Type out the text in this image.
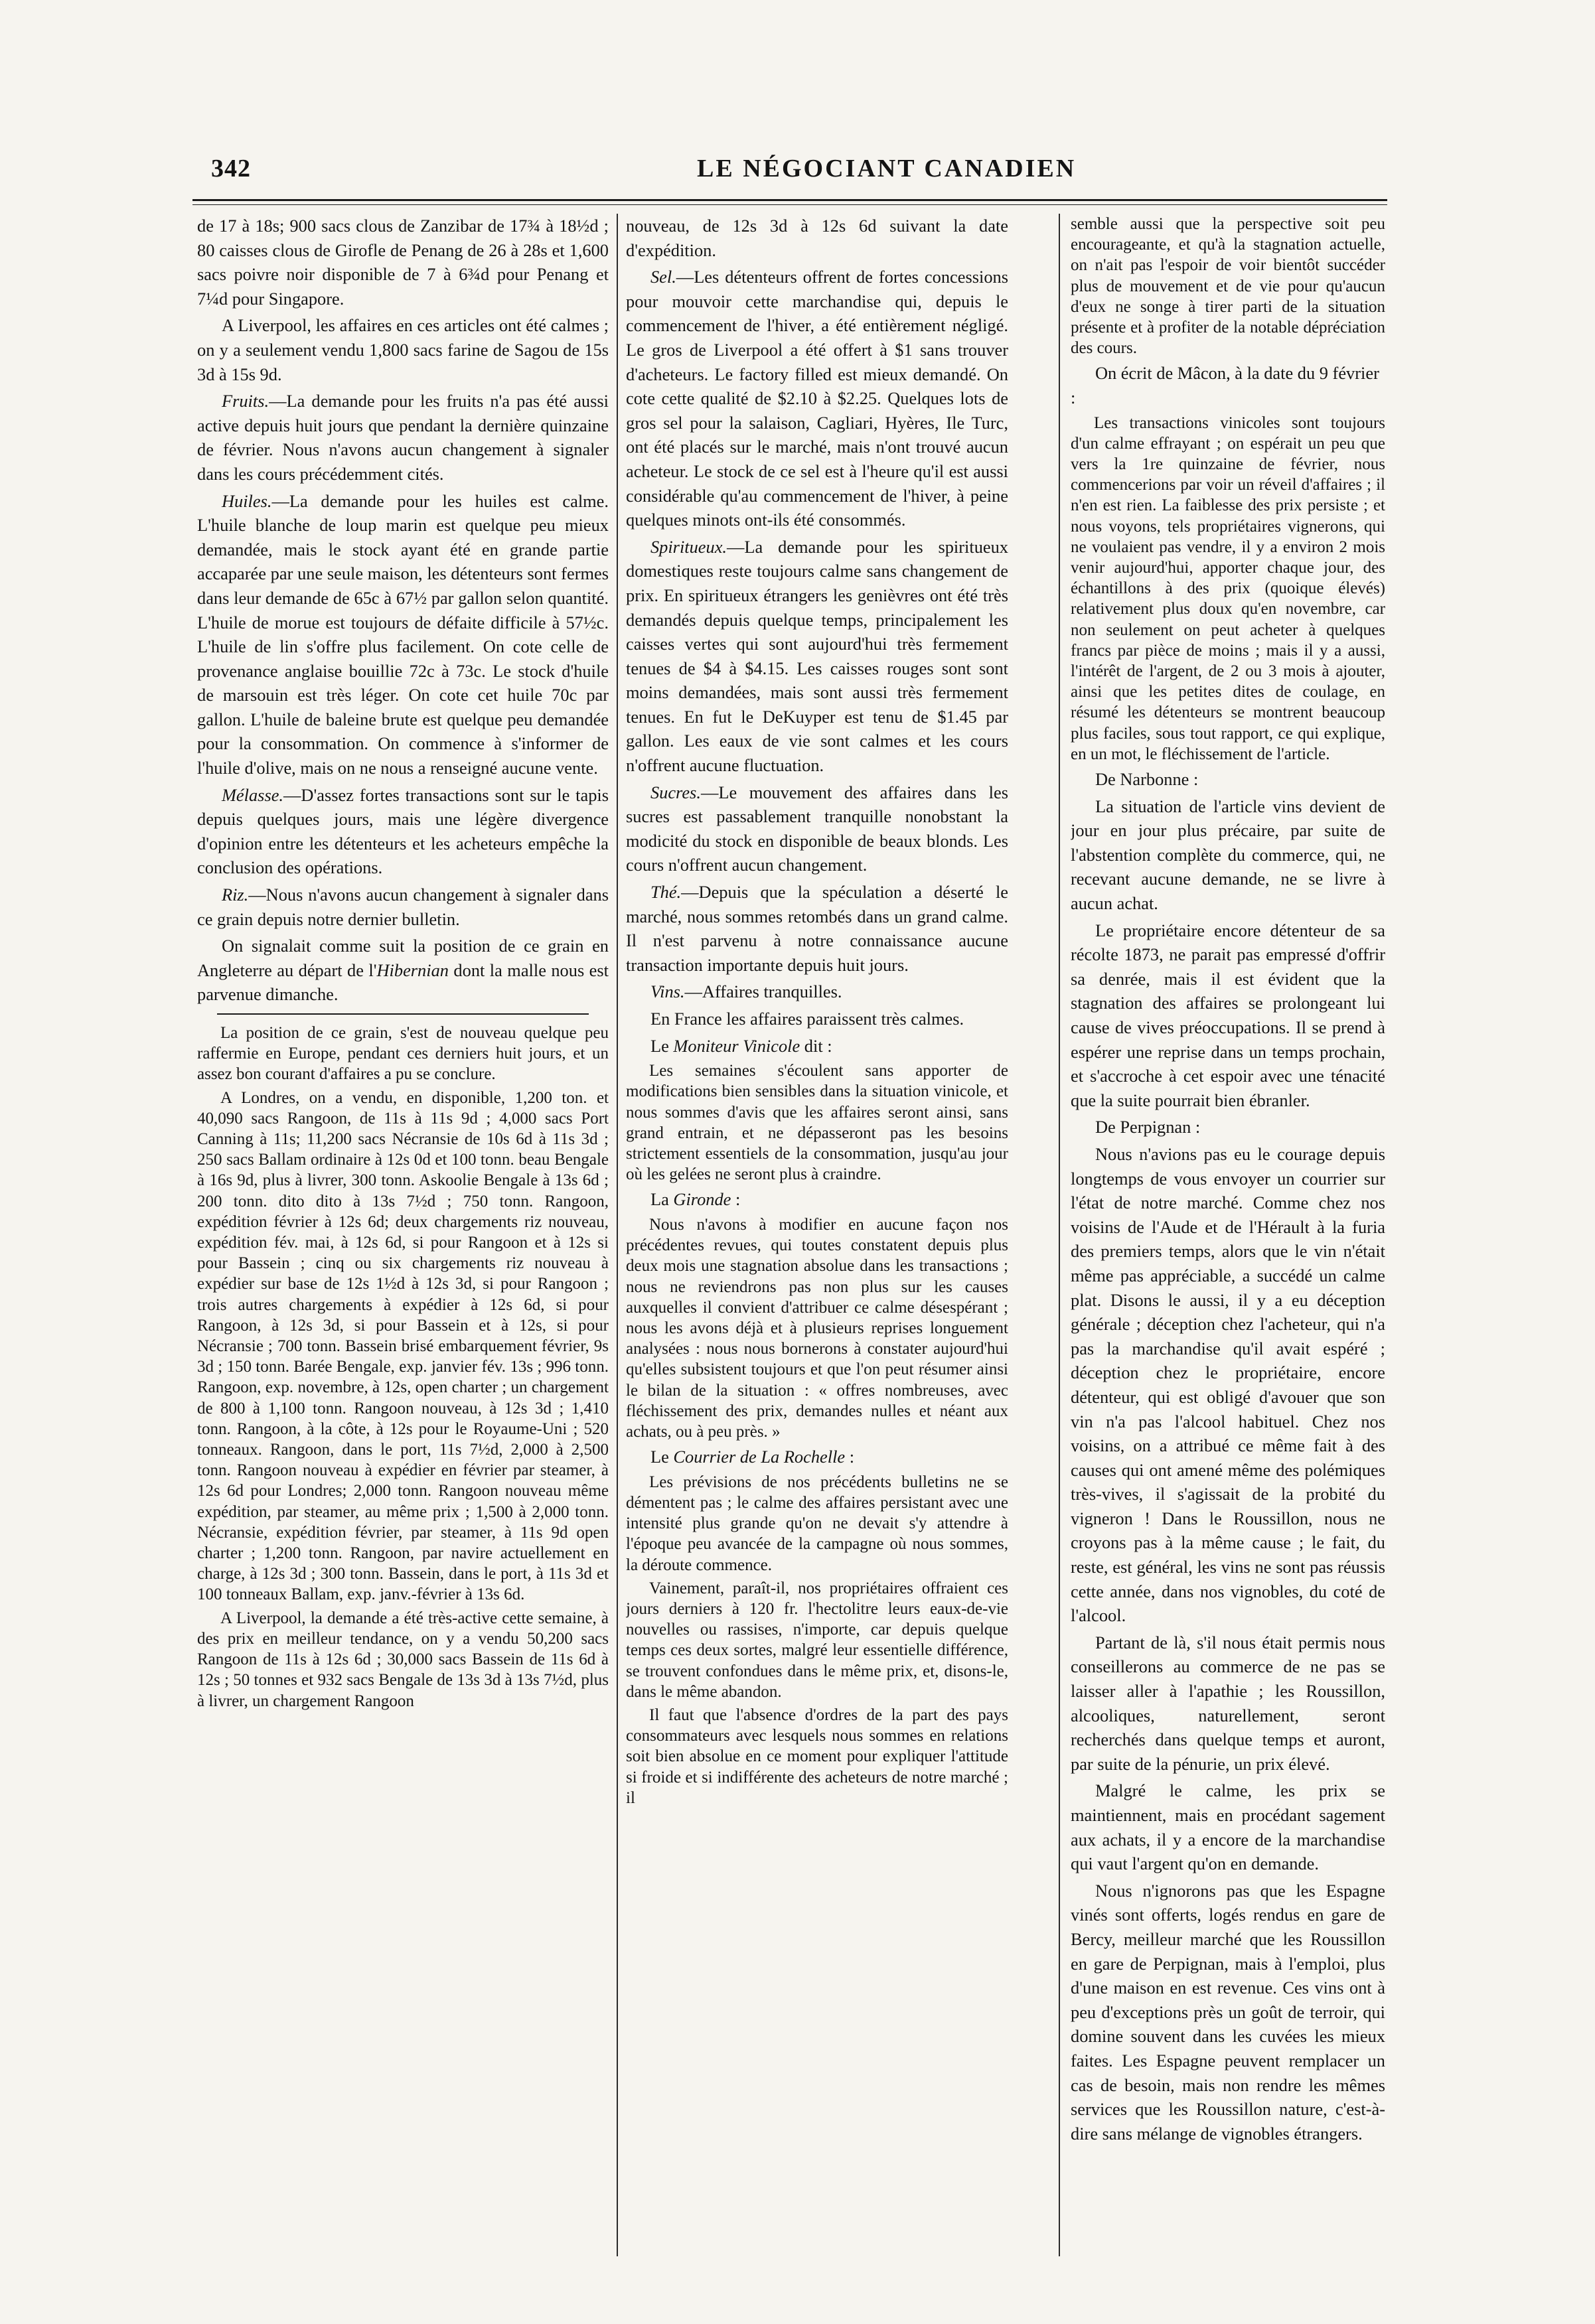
342	LE NÉGOCIANT CANADIEN

de 17 à 18s; 900 sacs clous de Zanzibar de 17¾ à 18½d ; 80 caisses clous de Girofle de Penang de 26 à 28s et 1,600 sacs poivre noir disponible de 7 à 6¾d pour Penang et 7¼d pour Singapore.

A Liverpool, les affaires en ces articles ont été calmes ; on y a seulement vendu 1,800 sacs farine de Sagou de 15s 3d à 15s 9d.

Fruits.—La demande pour les fruits n'a pas été aussi active depuis huit jours que pendant la dernière quinzaine de février. Nous n'avons aucun changement à signaler dans les cours précédemment cités.

Huiles.—La demande pour les huiles est calme. L'huile blanche de loup marin est quelque peu mieux demandée, mais le stock ayant été en grande partie accaparée par une seule maison, les détenteurs sont fermes dans leur demande de 65c à 67½ par gallon selon quantité. L'huile de morue est toujours de défaite difficile à 57½c. L'huile de lin s'offre plus facilement. On cote celle de provenance anglaise bouillie 72c à 73c. Le stock d'huile de marsouin est très léger. On cote cet huile 70c par gallon. L'huile de baleine brute est quelque peu demandée pour la consommation. On commence à s'informer de l'huile d'olive, mais on ne nous a renseigné aucune vente.

Mélasse.—D'assez fortes transactions sont sur le tapis depuis quelques jours, mais une légère divergence d'opinion entre les détenteurs et les acheteurs empêche la conclusion des opérations.

Riz.—Nous n'avons aucun changement à signaler dans ce grain depuis notre dernier bulletin.

On signalait comme suit la position de ce grain en Angleterre au départ de l'Hibernian dont la malle nous est parvenue dimanche.

La position de ce grain, s'est de nouveau quelque peu raffermie en Europe, pendant ces derniers huit jours, et un assez bon courant d'affaires a pu se conclure.

A Londres, on a vendu, en disponible, 1,200 ton. et 40,090 sacs Rangoon, de 11s à 11s 9d ; 4,000 sacs Port Canning à 11s; 11,200 sacs Nécransie de 10s 6d à 11s 3d ; 250 sacs Ballam ordinaire à 12s 0d et 100 tonn. beau Bengale à 16s 9d, plus à livrer, 300 tonn. Askoolie Bengale à 13s 6d ; 200 tonn. dito dito à 13s 7½d ; 750 tonn. Rangoon, expédition février à 12s 6d; deux chargements riz nouveau, expédition fév. mai, à 12s 6d, si pour Rangoon et à 12s si pour Bassein ; cinq ou six chargements riz nouveau à expédier sur base de 12s 1½d à 12s 3d, si pour Rangoon ; trois autres chargements à expédier à 12s 6d, si pour Rangoon, à 12s 3d, si pour Bassein et à 12s, si pour Nécransie ; 700 tonn. Bassein brisé embarquement février, 9s 3d ; 150 tonn. Barée Bengale, exp. janvier fév. 13s ; 996 tonn. Rangoon, exp. novembre, à 12s, open charter ; un chargement de 800 à 1,100 tonn. Rangoon nouveau, à 12s 3d ; 1,410 tonn. Rangoon, à la côte, à 12s pour le Royaume-Uni ; 520 tonneaux. Rangoon, dans le port, 11s 7½d, 2,000 à 2,500 tonn. Rangoon nouveau à expédier en février par steamer, à 12s 6d pour Londres; 2,000 tonn. Rangoon nouveau même expédition, par steamer, au même prix ; 1,500 à 2,000 tonn. Nécransie, expédition février, par steamer, à 11s 9d open charter ; 1,200 tonn. Rangoon, par navire actuellement en charge, à 12s 3d ; 300 tonn. Bassein, dans le port, à 11s 3d et 100 tonneaux Ballam, exp. janv.-février à 13s 6d.

A Liverpool, la demande a été très-active cette semaine, à des prix en meilleur tendance, on y a vendu 50,200 sacs Rangoon de 11s à 12s 6d ; 30,000 sacs Bassein de 11s 6d à 12s ; 50 tonnes et 932 sacs Bengale de 13s 3d à 13s 7½d, plus à livrer, un chargement Rangoon

nouveau, de 12s 3d à 12s 6d suivant la date d'expédition.

Sel.—Les détenteurs offrent de fortes concessions pour mouvoir cette marchandise qui, depuis le commencement de l'hiver, a été entièrement négligé. Le gros de Liverpool a été offert à $1 sans trouver d'acheteurs. Le factory filled est mieux demandé. On cote cette qualité de $2.10 à $2.25. Quelques lots de gros sel pour la salaison, Cagliari, Hyères, Ile Turc, ont été placés sur le marché, mais n'ont trouvé aucun acheteur. Le stock de ce sel est à l'heure qu'il est aussi considérable qu'au commencement de l'hiver, à peine quelques minots ont-ils été consommés.

Spiritueux.—La demande pour les spiritueux domestiques reste toujours calme sans changement de prix. En spiritueux étrangers les genièvres ont été très demandés depuis quelque temps, principalement les caisses vertes qui sont aujourd'hui très fermement tenues de $4 à $4.15. Les caisses rouges sont sont moins demandées, mais sont aussi très fermement tenues. En fut le DeKuyper est tenu de $1.45 par gallon. Les eaux de vie sont calmes et les cours n'offrent aucune fluctuation.

Sucres.—Le mouvement des affaires dans les sucres est passablement tranquille nonobstant la modicité du stock en disponible de beaux blonds. Les cours n'offrent aucun changement.

Thé.—Depuis que la spéculation a déserté le marché, nous sommes retombés dans un grand calme. Il n'est parvenu à notre connaissance aucune transaction importante depuis huit jours.

Vins.—Affaires tranquilles.

En France les affaires paraissent très calmes.

Le Moniteur Vinicole dit :

Les semaines s'écoulent sans apporter de modifications bien sensibles dans la situation vinicole, et nous sommes d'avis que les affaires seront ainsi, sans grand entrain, et ne dépasseront pas les besoins strictement essentiels de la consommation, jusqu'au jour où les gelées ne seront plus à craindre.

La Gironde :

Nous n'avons à modifier en aucune façon nos précédentes revues, qui toutes constatent depuis plus deux mois une stagnation absolue dans les transactions ; nous ne reviendrons pas non plus sur les causes auxquelles il convient d'attribuer ce calme désespérant ; nous les avons déjà et à plusieurs reprises longuement analysées : nous nous bornerons à constater aujourd'hui qu'elles subsistent toujours et que l'on peut résumer ainsi le bilan de la situation : « offres nombreuses, avec fléchissement des prix, demandes nulles et néant aux achats, ou à peu près. »

Le Courrier de La Rochelle :

Les prévisions de nos précédents bulletins ne se démentent pas ; le calme des affaires persistant avec une intensité plus grande qu'on ne devait s'y attendre à l'époque peu avancée de la campagne où nous sommes, la déroute commence.

Vainement, paraît-il, nos propriétaires offraient ces jours derniers à 120 fr. l'hectolitre leurs eaux-de-vie nouvelles ou rassises, n'importe, car depuis quelque temps ces deux sortes, malgré leur essentielle différence, se trouvent confondues dans le même prix, et, disons-le, dans le même abandon.

Il faut que l'absence d'ordres de la part des pays consommateurs avec lesquels nous sommes en relations soit bien absolue en ce moment pour expliquer l'attitude si froide et si indifférente des acheteurs de notre marché ; il

semble aussi que la perspective soit peu encourageante, et qu'à la stagnation actuelle, on n'ait pas l'espoir de voir bientôt succéder plus de mouvement et de vie pour qu'aucun d'eux ne songe à tirer parti de la situation présente et à profiter de la notable dépréciation des cours.

On écrit de Mâcon, à la date du 9 février :

Les transactions vinicoles sont toujours d'un calme effrayant ; on espérait un peu que vers la 1re quinzaine de février, nous commencerions par voir un réveil d'affaires ; il n'en est rien. La faiblesse des prix persiste ; et nous voyons, tels propriétaires vignerons, qui ne voulaient pas vendre, il y a environ 2 mois venir aujourd'hui, apporter chaque jour, des échantillons à des prix (quoique élevés) relativement plus doux qu'en novembre, car non seulement on peut acheter à quelques francs par pièce de moins ; mais il y a aussi, l'intérêt de l'argent, de 2 ou 3 mois à ajouter, ainsi que les petites dites de coulage, en résumé les détenteurs se montrent beaucoup plus faciles, sous tout rapport, ce qui explique, en un mot, le fléchissement de l'article.

De Narbonne :

La situation de l'article vins devient de jour en jour plus précaire, par suite de l'abstention complète du commerce, qui, ne recevant aucune demande, ne se livre à aucun achat.

Le propriétaire encore détenteur de sa récolte 1873, ne parait pas empressé d'offrir sa denrée, mais il est évident que la stagnation des affaires se prolongeant lui cause de vives préoccupations. Il se prend à espérer une reprise dans un temps prochain, et s'accroche à cet espoir avec une ténacité que la suite pourrait bien ébranler.

De Perpignan :

Nous n'avions pas eu le courage depuis longtemps de vous envoyer un courrier sur l'état de notre marché. Comme chez nos voisins de l'Aude et de l'Hérault à la furia des premiers temps, alors que le vin n'était même pas appréciable, a succédé un calme plat. Disons le aussi, il y a eu déception générale ; déception chez l'acheteur, qui n'a pas la marchandise qu'il avait espéré ; déception chez le propriétaire, encore détenteur, qui est obligé d'avouer que son vin n'a pas l'alcool habituel. Chez nos voisins, on a attribué ce même fait à des causes qui ont amené même des polémiques très-vives, il s'agissait de la probité du vigneron ! Dans le Roussillon, nous ne croyons pas à la même cause ; le fait, du reste, est général, les vins ne sont pas réussis cette année, dans nos vignobles, du coté de l'alcool.

Partant de là, s'il nous était permis nous conseillerons au commerce de ne pas se laisser aller à l'apathie ; les Roussillon, alcooliques, naturellement, seront recherchés dans quelque temps et auront, par suite de la pénurie, un prix élevé.

Malgré le calme, les prix se maintiennent, mais en procédant sagement aux achats, il y a encore de la marchandise qui vaut l'argent qu'on en demande.

Nous n'ignorons pas que les Espagne vinés sont offerts, logés rendus en gare de Bercy, meilleur marché que les Roussillon en gare de Perpignan, mais à l'emploi, plus d'une maison en est revenue. Ces vins ont à peu d'exceptions près un goût de terroir, qui domine souvent dans les cuvées les mieux faites. Les Espagne peuvent remplacer un cas de besoin, mais non rendre les mêmes services que les Roussillon nature, c'est-à-dire sans mélange de vignobles étrangers.
